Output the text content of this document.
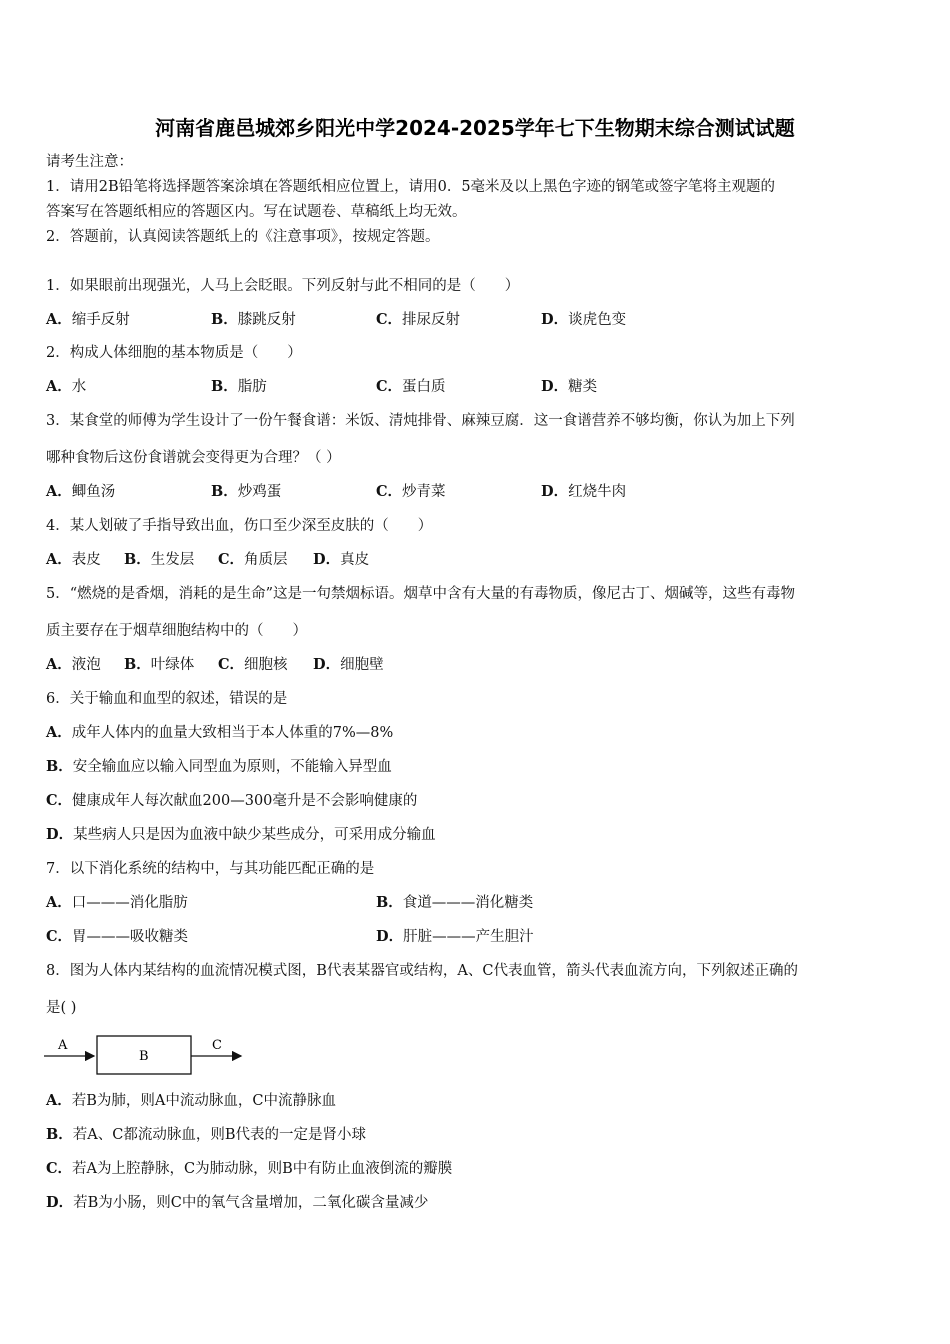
河南省鹿邑城郊乡阳光中学2024-2025学年七下生物期末综合测试试题
请考生注意：
1．请用2B铅笔将选择题答案涂填在答题纸相应位置上，请用0．5毫米及以上黑色字迹的钢笔或签字笔将主观题的
答案写在答题纸相应的答题区内。写在试题卷、草稿纸上均无效。
2．答题前，认真阅读答题纸上的《注意事项》，按规定答题。
1．如果眼前出现强光，人马上会眨眼。下列反射与此不相同的是（　　）
A．缩手反射	B．膝跳反射	C．排尿反射	D．谈虎色变
2．构成人体细胞的基本物质是（　　）
A．水	B．脂肪	C．蛋白质	D．糖类
3．某食堂的师傅为学生设计了一份午餐食谱：米饭、清炖排骨、麻辣豆腐．这一食谱营养不够均衡，你认为加上下列
哪种食物后这份食谱就会变得更为合理？（ ）
A．鲫鱼汤	B．炒鸡蛋	C．炒青菜	D．红烧牛肉
4．某人划破了手指导致出血，伤口至少深至皮肤的（　　）
A．表皮 B．生发层 C．角质层 D．真皮
5．“燃烧的是香烟，消耗的是生命”这是一句禁烟标语。烟草中含有大量的有毒物质，像尼古丁、烟碱等，这些有毒物
质主要存在于烟草细胞结构中的（　　）
A．液泡 B．叶绿体 C．细胞核 D．细胞壁
6．关于输血和血型的叙述，错误的是
A．成年人体内的血量大致相当于本人体重的7%—8%
B．安全输血应以输入同型血为原则，不能输入异型血
C．健康成年人每次献血200—300毫升是不会影响健康的
D．某些病人只是因为血液中缺少某些成分，可采用成分输血
7．以下消化系统的结构中，与其功能匹配正确的是
A．口———消化脂肪	B．食道———消化糖类
C．胃———吸收糖类	D．肝脏———产生胆汁
8．图为人体内某结构的血流情况模式图，B代表某器官或结构，A、C代表血管，箭头代表血流方向，下列叙述正确的
是( )
A
B
C
A．若B为肺，则A中流动脉血，C中流静脉血
B．若A、C都流动脉血，则B代表的一定是肾小球
C．若A为上腔静脉，C为肺动脉，则B中有防止血液倒流的瓣膜
D．若B为小肠，则C中的氧气含量增加，二氧化碳含量减少
